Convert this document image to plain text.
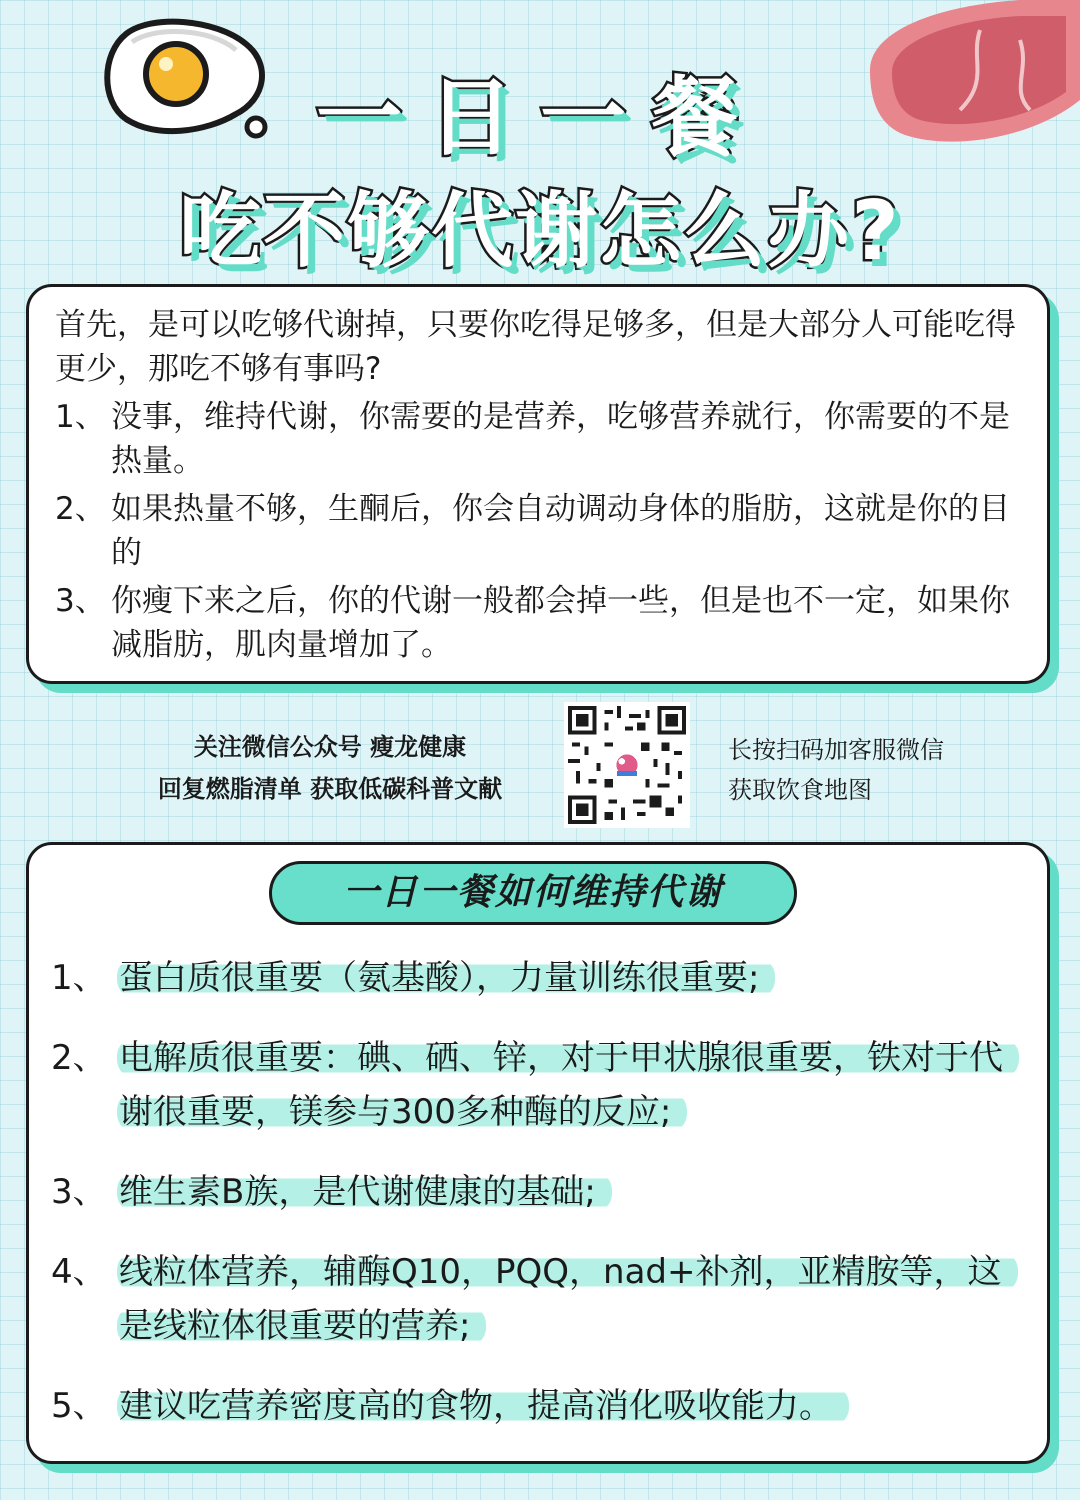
一日一餐
吃不够代谢怎么办?

首先，是可以吃够代谢掉，只要你吃得足够多，但是大部分人可能吃得更少，那吃不够有事吗?

1、 没事，维持代谢，你需要的是营养，吃够营养就行，你需要的不是热量。
2、 如果热量不够，生酮后，你会自动调动身体的脂肪，这就是你的目的
3、 你瘦下来之后，你的代谢一般都会掉一些，但是也不一定，如果你减脂肪，肌肉量增加了。
关注微信公众号 瘦龙健康
回复燃脂清单 获取低碳科普文献
长按扫码加客服微信
获取饮食地图
一日一餐如何维持代谢
1、 蛋白质很重要（氨基酸），力量训练很重要;
2、 电解质很重要：碘、硒、锌，对于甲状腺很重要，铁对于代谢很重要，镁参与300多种酶的反应;
3、 维生素B族，是代谢健康的基础;
4、 线粒体营养，辅酶Q10，PQQ，nad+补剂，亚精胺等，这是线粒体很重要的营养;
5、 建议吃营养密度高的食物，提高消化吸收能力。
